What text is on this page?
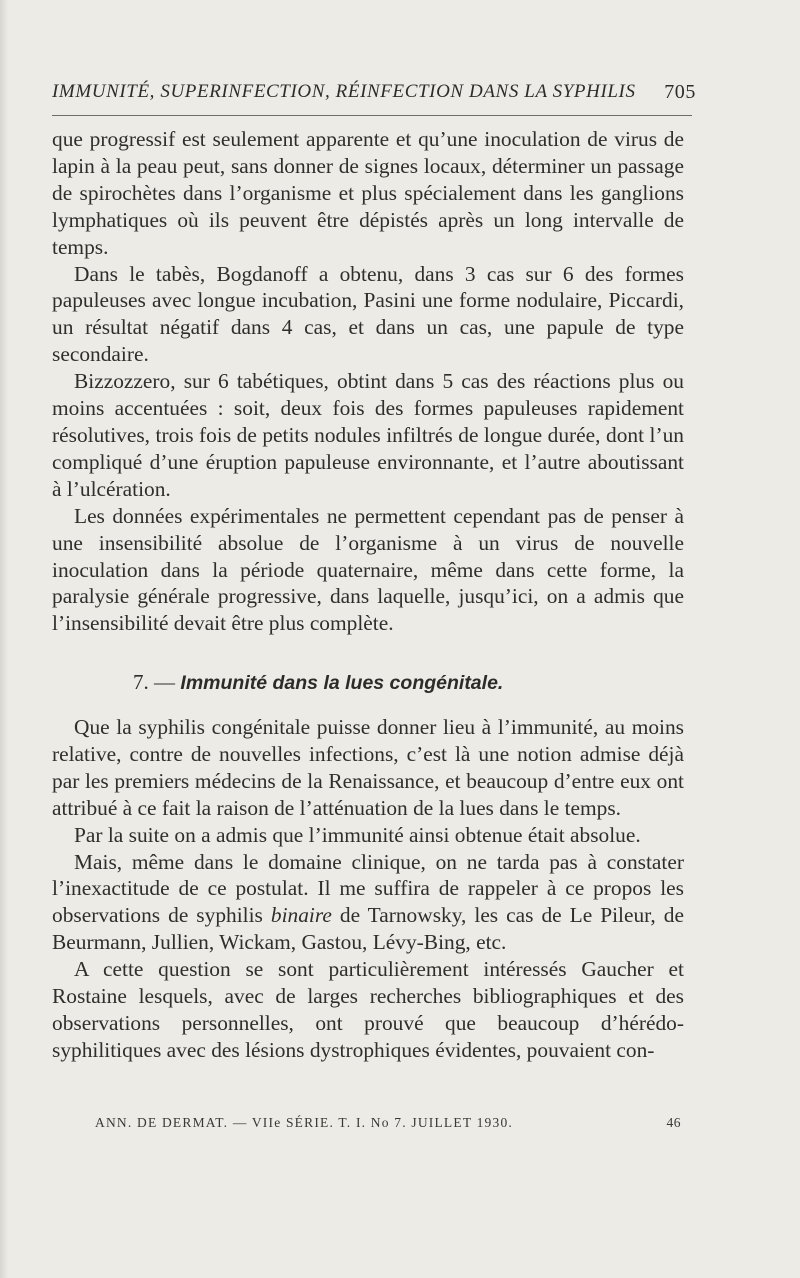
IMMUNITÉ, SUPERINFECTION, RÉINFECTION DANS LA SYPHILIS 705

que progressif est seulement apparente et qu’une inoculation de virus de lapin à la peau peut, sans donner de signes locaux, déterminer un passage de spirochètes dans l’organisme et plus spécialement dans les ganglions lymphatiques où ils peuvent être dépistés après un long intervalle de temps.

Dans le tabès, Bogdanoff a obtenu, dans 3 cas sur 6 des formes papuleuses avec longue incubation, Pasini une forme nodulaire, Piccardi, un résultat négatif dans 4 cas, et dans un cas, une papule de type secondaire.

Bizzozzero, sur 6 tabétiques, obtint dans 5 cas des réactions plus ou moins accentuées : soit, deux fois des formes papuleuses rapidement résolutives, trois fois de petits nodules infiltrés de longue durée, dont l’un compliqué d’une éruption papuleuse environnante, et l’autre aboutissant à l’ulcération.

Les données expérimentales ne permettent cependant pas de penser à une insensibilité absolue de l’organisme à un virus de nouvelle inoculation dans la période quaternaire, même dans cette forme, la paralysie générale progressive, dans laquelle, jusqu’ici, on a admis que l’insensibilité devait être plus complète.

7. — Immunité dans la lues congénitale.

Que la syphilis congénitale puisse donner lieu à l’immunité, au moins relative, contre de nouvelles infections, c’est là une notion admise déjà par les premiers médecins de la Renaissance, et beaucoup d’entre eux ont attribué à ce fait la raison de l’atténuation de la lues dans le temps.

Par la suite on a admis que l’immunité ainsi obtenue était absolue.

Mais, même dans le domaine clinique, on ne tarda pas à constater l’inexactitude de ce postulat. Il me suffira de rappeler à ce propos les observations de syphilis binaire de Tarnowsky, les cas de Le Pileur, de Beurmann, Jullien, Wickam, Gastou, Lévy-Bing, etc.

A cette question se sont particulièrement intéressés Gaucher et Rostaine lesquels, avec de larges recherches bibliographiques et des observations personnelles, ont prouvé que beaucoup d’hérédo-syphilitiques avec des lésions dystrophiques évidentes, pouvaient con-

ANN. DE DERMAT. — VIIe SÉRIE. T. I. No 7. JUILLET 1930.	46
